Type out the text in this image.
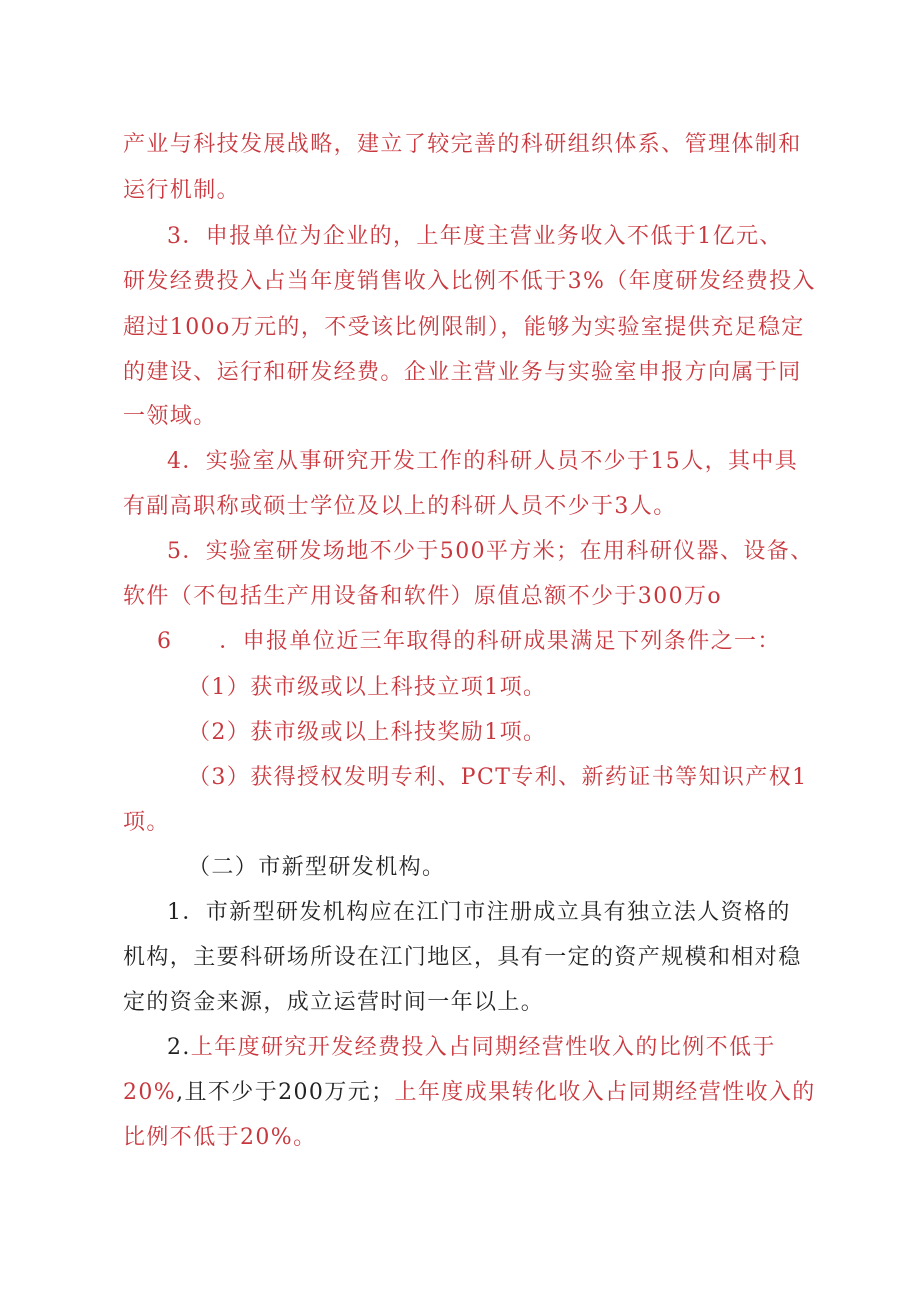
产业与科技发展战略，建立了较完善的科研组织体系、管理体制和
运行机制。
3．申报单位为企业的，上年度主营业务收入不低于1亿元、
研发经费投入占当年度销售收入比例不低于3%（年度研发经费投入
超过100o万元的，不受该比例限制），能够为实验室提供充足稳定
的建设、运行和研发经费。企业主营业务与实验室申报方向属于同
一领域。
4．实验室从事研究开发工作的科研人员不少于15人，其中具
有副高职称或硕士学位及以上的科研人员不少于3人。
5．实验室研发场地不少于500平方米；在用科研仪器、设备、
软件（不包括生产用设备和软件）原值总额不少于300万o
6　　．申报单位近三年取得的科研成果满足下列条件之一：
（1）获市级或以上科技立项1项。
（2）获市级或以上科技奖励1项。
（3）获得授权发明专利、PCT专利、新药证书等知识产权1
项。
（二）市新型研发机构。
1．市新型研发机构应在江门市注册成立具有独立法人资格的
机构，主要科研场所设在江门地区，具有一定的资产规模和相对稳
定的资金来源，成立运营时间一年以上。
2.上年度研究开发经费投入占同期经营性收入的比例不低于
20%,且不少于200万元；上年度成果转化收入占同期经营性收入的
比例不低于20%。
